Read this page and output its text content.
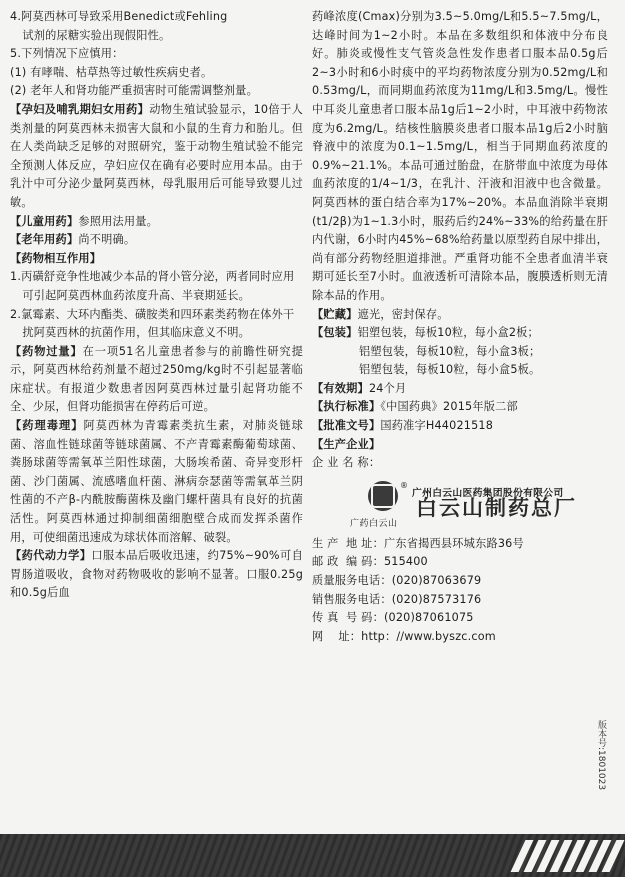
4.阿莫西林可导致采用Benedict或Fehling

试剂的尿糖实验出现假阳性。

5.下列情况下应慎用：

(1) 有哮喘、枯草热等过敏性疾病史者。

(2) 老年人和肾功能严重损害时可能需调整剂量。

【孕妇及哺乳期妇女用药】动物生殖试验显示，10倍于人类剂量的阿莫西林未损害大鼠和小鼠的生育力和胎儿。但在人类尚缺乏足够的对照研究，鉴于动物生殖试验不能完全预测人体反应，孕妇应仅在确有必要时应用本品。由于乳汁中可分泌少量阿莫西林，母乳服用后可能导致婴儿过敏。

【儿童用药】参照用法用量。

【老年用药】尚不明确。

【药物相互作用】

1.丙磺舒竞争性地减少本品的肾小管分泌，两者同时应用可引起阿莫西林血药浓度升高、半衰期延长。

2.氯霉素、大环内酯类、磺胺类和四环素类药物在体外干扰阿莫西林的抗菌作用，但其临床意义不明。

【药物过量】在一项51名儿童患者参与的前瞻性研究提示，阿莫西林给药剂量不超过250mg/kg时不引起显著临床症状。有报道少数患者因阿莫西林过量引起肾功能不全、少尿，但肾功能损害在停药后可逆。

【药理毒理】阿莫西林为青霉素类抗生素，对肺炎链球菌、溶血性链球菌等链球菌属、不产青霉素酶葡萄球菌、粪肠球菌等需氧革兰阳性球菌，大肠埃希菌、奇异变形杆菌、沙门菌属、流感嗜血杆菌、淋病奈瑟菌等需氧革兰阴性菌的不产β-内酰胺酶菌株及幽门螺杆菌具有良好的抗菌活性。阿莫西林通过抑制细菌细胞壁合成而发挥杀菌作用，可使细菌迅速成为球状体而溶解、破裂。

【药代动力学】口服本品后吸收迅速，约75%~90%可自胃肠道吸收，食物对药物吸收的影响不显著。口服0.25g和0.5g后血

药峰浓度(Cmax)分别为3.5~5.0mg/L和5.5~7.5mg/L，达峰时间为1~2小时。本品在多数组织和体液中分布良好。肺炎或慢性支气管炎急性发作患者口服本品0.5g后2~3小时和6小时痰中的平均药物浓度分别为0.52mg/L和0.53mg/L，而同期血药浓度为11mg/L和3.5mg/L。慢性中耳炎儿童患者口服本品1g后1~2小时，中耳液中药物浓度为6.2mg/L。结核性脑膜炎患者口服本品1g后2小时脑脊液中的浓度为0.1~1.5mg/L，相当于同期血药浓度的0.9%~21.1%。本品可通过胎盘，在脐带血中浓度为母体血药浓度的1/4~1/3，在乳汁、汗液和泪液中也含微量。阿莫西林的蛋白结合率为17%~20%。本品血消除半衰期(t1/2β)为1~1.3小时，服药后约24%~33%的给药量在肝内代谢，6小时内45%~68%给药量以原型药自尿中排出，尚有部分药物经胆道排泄。严重肾功能不全患者血清半衰期可延长至7小时。血液透析可清除本品，腹膜透析则无清除本品的作用。

【贮藏】遮光，密封保存。

【包装】铝塑包装，每板10粒，每小盒2板；

铝塑包装，每板10粒，每小盒3板；

铝塑包装，每板10粒，每小盒5板。

【有效期】24个月

【执行标准】《中国药典》2015年版二部

【批准文号】国药准字H44021518

【生产企业】

企 业 名 称：

®
广药白云山
广州白云山医药集团股份有限公司
白云山制药总厂

生 产  地 址：广东省揭西县环城东路36号

邮 政  编 码：515400

质量服务电话：(020)87063679

销售服务电话：(020)87573176

传 真  号 码：(020)87061075

网    址：http：//www.byszc.com

版本号:1801023
